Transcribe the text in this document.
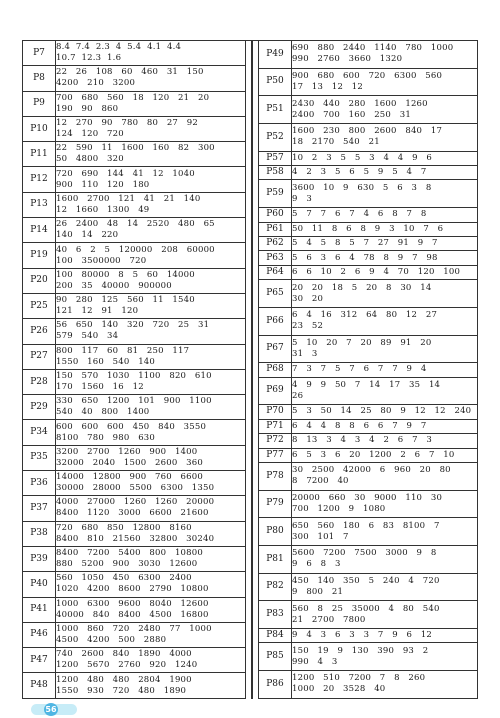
P7	8.4  7.4  2.3  4  5.4  4.1  4.4
10.7  12.3  1.6

P8	22   26   108   60   460   31   150
4200   210   3200

P9	700   680   560   18   120   21   20
190   90   860

P10	12   270   90   780   80   27   92
124   120   720

P11	22   590   11   1600   160   82   300
50   4800   320

P12	720   690   144   41   12   1040
900   110   120   180

P13	1600   2700   121   41   21   140
12   1660   1300   49

P14	26   2400   48   14   2520   480   65
140   14   220

P19	40   6   2   5   120000   208   60000
100   3500000   720

P20	100   80000   8   5   60   14000
200   35   40000   900000

P25	90   280   125   560   11   1540
121   12   91   120

P26	56   650   140   320   720   25   31
579   540   34

P27	800   117   60   81   250   117
1550   160   540   140

P28	150   570   1030   1100   820   610
170   1560   16   12

P29	330   650   1200   101   900   1100
540   40   800   1400

P34	600   600   600   450   840   3550
8100   780   980   630

P35	3200   2700   1260   900   1400
32000   2040   1500   2600   360

P36	14000   12800   900   760   6600
30000   28000   5500   6300   1350

P37	4000   27000   1260   1260   20000
8400   1120   3000   6600   21600

P38	720   680   850   12800   8160
8400   810   21560   32800   30240

P39	8400   7200   5400   800   10800
880   5200   900   3030   12600

P40	560   1050   450   6300   2400
1020   4200   8600   2790   10800

P41	1000   6300   9600   8040   12600
40000   840   8400   4500   16800

P46	1000   860   720   2480   77   1000
4500   4200   500   2880

P47	740   2600   840   1890   4000
1200   5670   2760   920   1240

P48	1200   480   480   2804   1900
1550   930   720   480   1890
P49	690   880   2440   1140   780   1000
990   2760   3660   1320

P50	900   680   600   720   6300   560
17   13   12   12

P51	2430   440   280   1600   1260
2400   700   160   250   31

P52	1600   230   800   2600   840   17
18   2170   540   21

P57	10   2   3   5   5   3   4   4   9   6

P58	4   2   3   5   6   5   9   5   4   7

P59	3600   10   9   630   5   6   3   8
9   3

P60	5   7   7   6   7   4   6   8   7   8

P61	50   11   8   6   8   9   3   10   7   6

P62	5   4   5   8   5   7   27   91   9   7

P63	5   6   3   6   4   78   8   9   7   98

P64	6   6   10   2   6   9   4   70   120   100

P65	20   20   18   5   20   8   30   14
30   20

P66	6   4   16   312   64   80   12   27
23   52

P67	5   10   20   7   20   89   91   20
31   3

P68	7   3   7   5   7   6   7   7   9   4

P69	4   9   9   50   7   14   17   35   14
26

P70	5   3   50   14   25   80   9   12   12   240

P71	6   4   4   8   8   6   6   7   9   7

P72	8   13   3   4   3   4   2   6   7   3

P77	6   5   3   6   20   1200   2   6   7   10

P78	30   2500   42000   6   960   20   80
8   7200   40

P79	20000   660   30   9000   110   30
700   1200   9   1080

P80	650   560   180   6   83   8100   7
300   101   7

P81	5600   7200   7500   3000   9   8
9   6   8   3

P82	450   140   350   5   240   4   720
9   800   21

P83	560   8   25   35000   4   80   540
21   2700   7800

P84	9   4   3   6   3   3   7   9   6   12

P85	150   19   9   130   390   93   2
990   4   3

P86	1200   510   7200   7   8   260
1000   20   3528   40
56
